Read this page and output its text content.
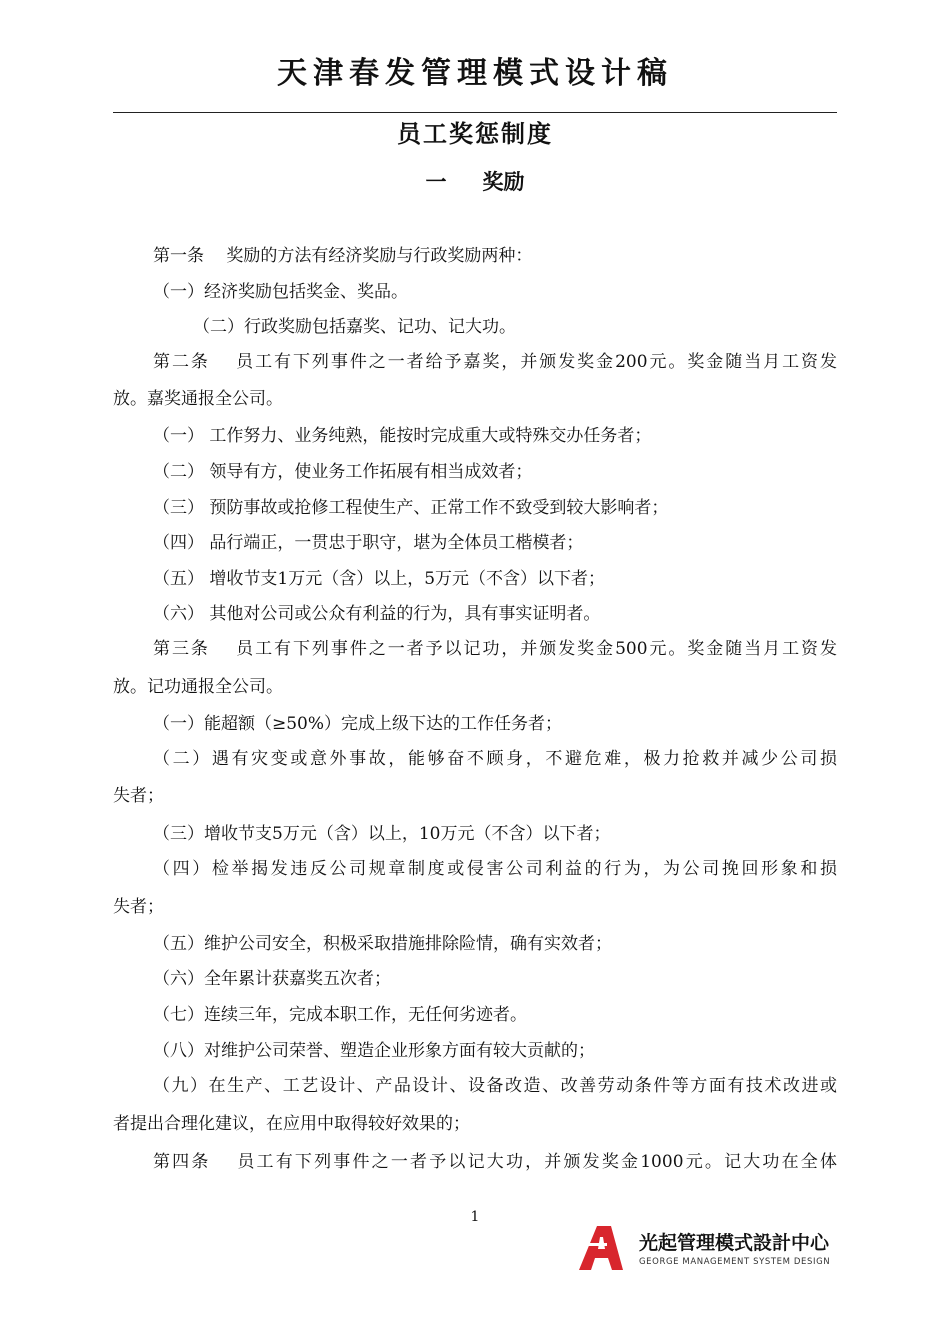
天津春发管理模式设计稿
员工奖惩制度
一 奖励
第一条　 奖励的方法有经济奖励与行政奖励两种：
（一）经济奖励包括奖金、奖品。
（二）行政奖励包括嘉奖、记功、记大功。
第二条　 员工有下列事件之一者给予嘉奖，并颁发奖金200元。奖金随当月工资发
放。嘉奖通报全公司。
（一） 工作努力、业务纯熟，能按时完成重大或特殊交办任务者；
（二） 领导有方，使业务工作拓展有相当成效者；
（三） 预防事故或抢修工程使生产、正常工作不致受到较大影响者；
（四） 品行端正，一贯忠于职守，堪为全体员工楷模者；
（五） 增收节支1万元（含）以上，5万元（不含）以下者；
（六） 其他对公司或公众有利益的行为，具有事实证明者。
第三条　 员工有下列事件之一者予以记功，并颁发奖金500元。奖金随当月工资发
放。记功通报全公司。
（一）能超额（≥50%）完成上级下达的工作任务者；
（二）遇有灾变或意外事故，能够奋不顾身，不避危难，极力抢救并减少公司损
失者；
（三）增收节支5万元（含）以上，10万元（不含）以下者；
（四）检举揭发违反公司规章制度或侵害公司利益的行为，为公司挽回形象和损
失者；
（五）维护公司安全，积极采取措施排除险情，确有实效者；
（六）全年累计获嘉奖五次者；
（七）连续三年，完成本职工作，无任何劣迹者。
（八）对维护公司荣誉、塑造企业形象方面有较大贡献的；
（九）在生产、工艺设计、产品设计、设备改造、改善劳动条件等方面有技术改进或
者提出合理化建议，在应用中取得较好效果的；
第四条　 员工有下列事件之一者予以记大功，并颁发奖金1000元。记大功在全体
1
光起管理模式設計中心
GEORGE MANAGEMENT SYSTEM DESIGN
